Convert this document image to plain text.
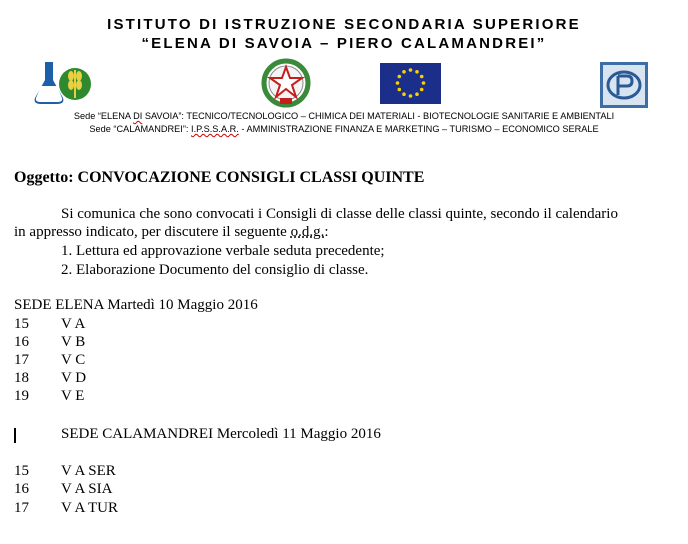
ISTITUTO DI ISTRUZIONE SECONDARIA SUPERIORE
“ELENA DI SAVOIA – PIERO CALAMANDREI”
Sede “ELENA DI SAVOIA”: TECNICO/TECNOLOGICO – CHIMICA DEI MATERIALI - BIOTECNOLOGIE SANITARIE E AMBIENTALI
Sede “CALAMANDREI”: I.P.S.S.A.R. - AMMINISTRAZIONE FINANZA E MARKETING – TURISMO – ECONOMICO SERALE
Oggetto: CONVOCAZIONE CONSIGLI CLASSI QUINTE
Si comunica che sono convocati i Consigli di classe delle classi quinte, secondo il calendario
in appresso indicato, per discutere il seguente o.d.g.:
1. Lettura ed approvazione verbale seduta precedente;
2. Elaborazione Documento del consiglio di classe.
SEDE ELENA Martedì 10 Maggio 2016
15 V A
16 V B
17 V C
18 V D
19 V E
SEDE CALAMANDREI Mercoledì 11 Maggio 2016
15 V A SER
16 V A SIA
17 V A TUR
